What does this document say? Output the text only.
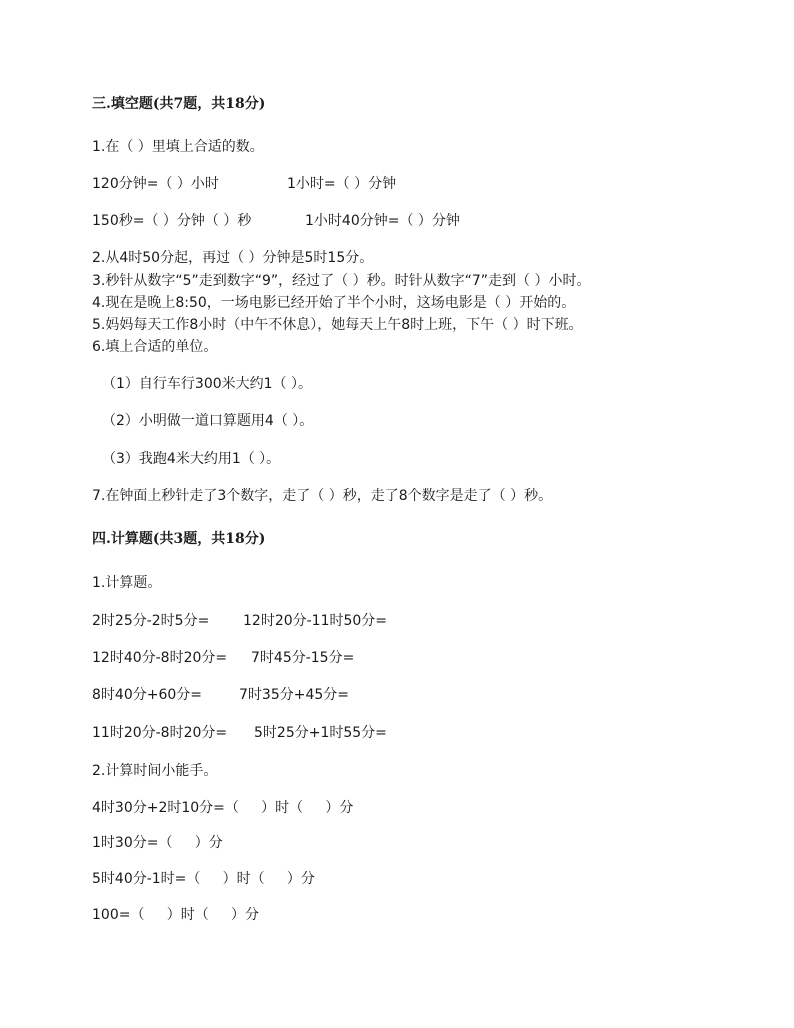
三.填空题(共7题，共18分)

1.在（ ）里填上合适的数。

120分钟=（ ）小时	1小时=（ ）分钟

150秒=（ ）分钟（ ）秒	1小时40分钟=（ ）分钟

2.从4时50分起，再过（ ）分钟是5时15分。

3.秒针从数字“5”走到数字“9”，经过了（ ）秒。时针从数字“7”走到（ ）小时。

4.现在是晚上8:50，一场电影已经开始了半个小时，这场电影是（ ）开始的。

5.妈妈每天工作8小时（中午不休息），她每天上午8时上班，下午（ ）时下班。

6.填上合适的单位。

（1）自行车行300米大约1（ ）。

（2）小明做一道口算题用4（ ）。

（3）我跑4米大约用1（ ）。

7.在钟面上秒针走了3个数字，走了（ ）秒，走了8个数字是走了（ ）秒。

四.计算题(共3题，共18分)

1.计算题。

2时25分-2时5分= 12时20分-11时50分=

12时40分-8时20分= 7时45分-15分=

8时40分+60分=	7时35分+45分=

11时20分-8时20分= 5时25分+1时55分=

2.计算时间小能手。

4时30分+2时10分=（     ）时（     ）分

1时30分=（     ）分

5时40分-1时=（     ）时（     ）分

100=（     ）时（     ）分
